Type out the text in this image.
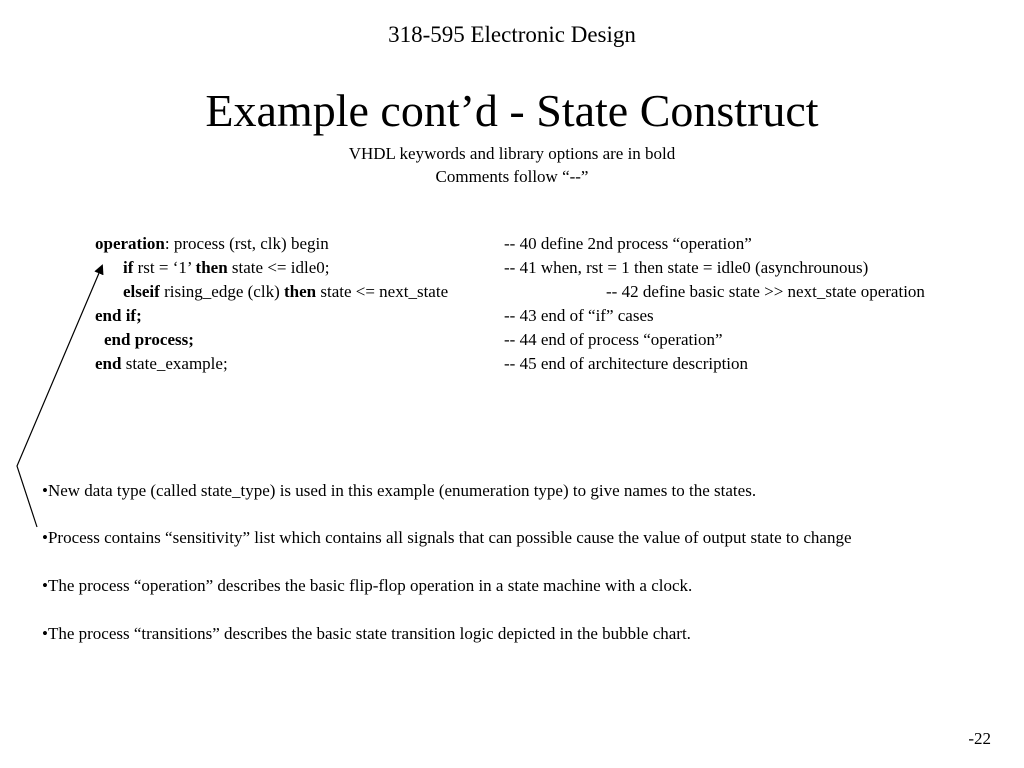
318-595 Electronic Design
Example cont’d - State Construct
VHDL keywords and library options are in bold
Comments follow “--”
operation: process (rst, clk) begin	-- 40 define 2nd process “operation”
if rst = ‘1’ then state <= idle0;	-- 41 when, rst = 1 then state = idle0 (asynchrounous)
elseif rising_edge (clk) then state <= next_state	-- 42 define basic state >> next_state operation
end if;	-- 43 end of “if” cases
end process;	-- 44 end of process “operation”
end state_example;	-- 45 end of architecture description
•New data type (called state_type) is used in this example (enumeration type) to give names to the states.
•Process contains “sensitivity” list which contains all signals that can possible cause the value of output state to change
•The process “operation” describes the basic flip-flop operation in a state machine with a clock.
•The process “transitions” describes the basic state transition logic depicted in the bubble chart.
-22
